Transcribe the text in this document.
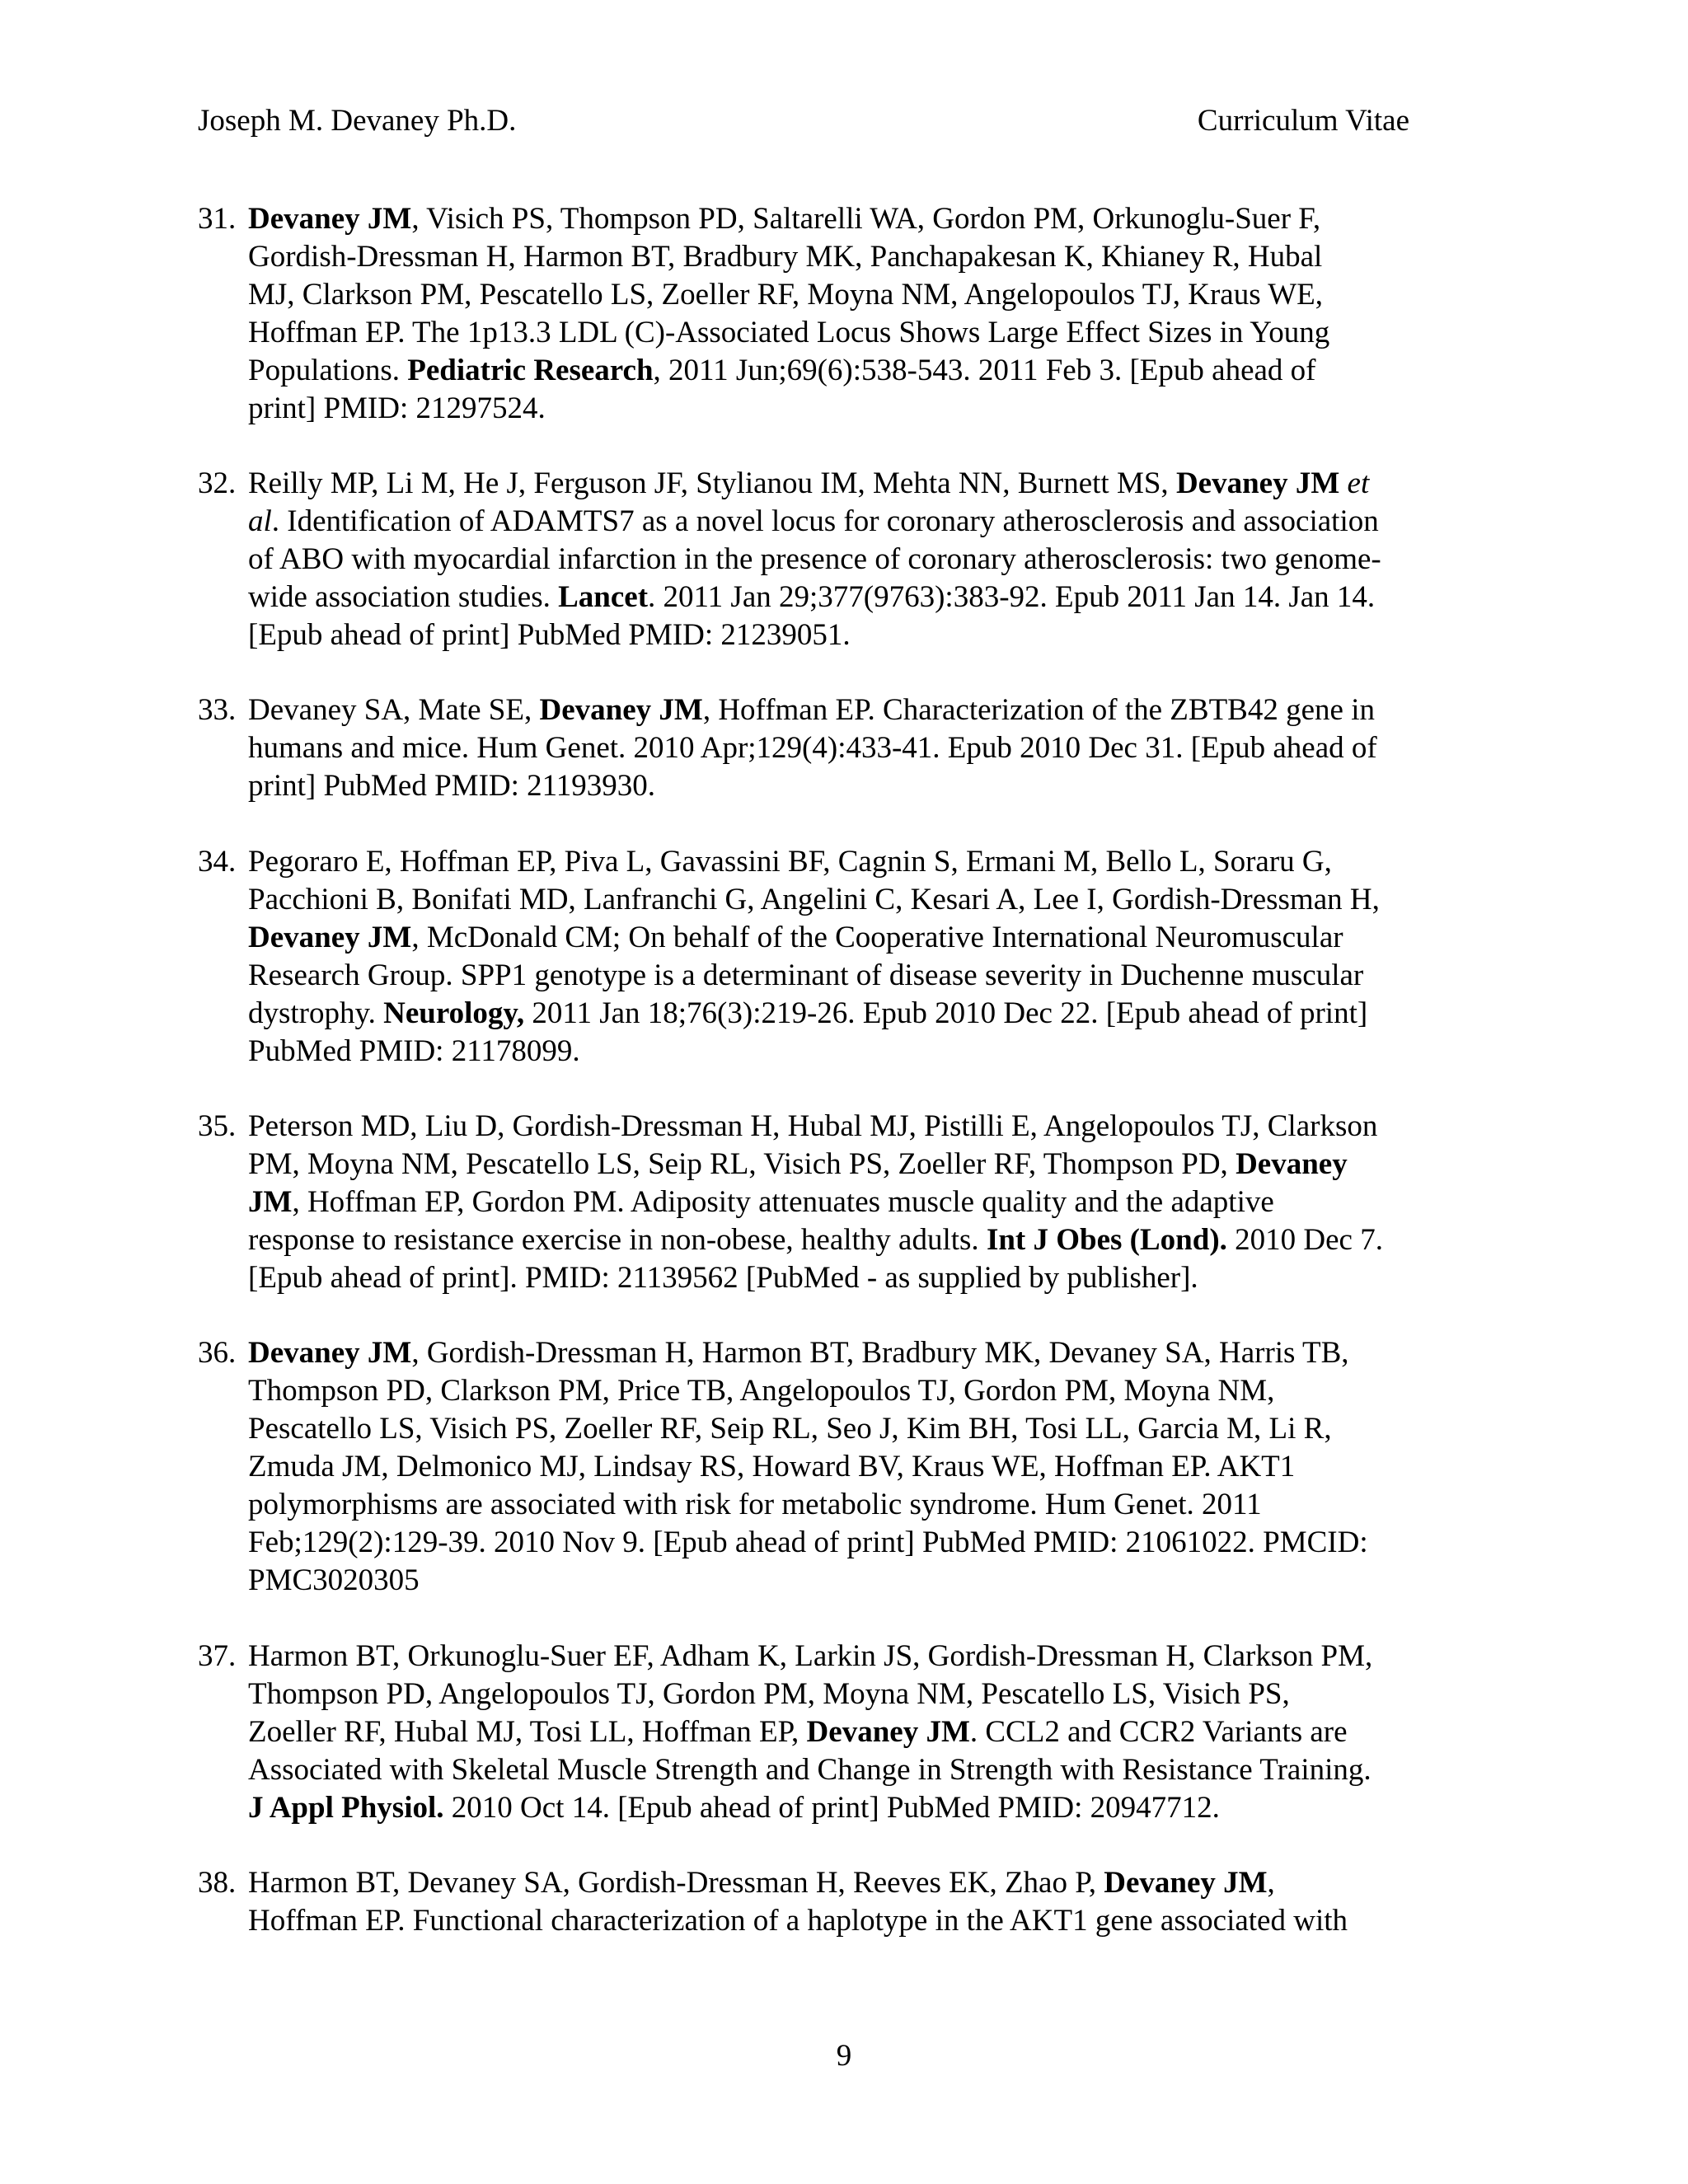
Joseph M. Devaney Ph.D.	Curriculum Vitae
31. Devaney JM, Visich PS, Thompson PD, Saltarelli WA, Gordon PM, Orkunoglu-Suer F,
Gordish-Dressman H, Harmon BT, Bradbury MK, Panchapakesan K, Khianey R, Hubal
MJ, Clarkson PM, Pescatello LS, Zoeller RF, Moyna NM, Angelopoulos TJ, Kraus WE,
Hoffman EP. The 1p13.3 LDL (C)-Associated Locus Shows Large Effect Sizes in Young
Populations. Pediatric Research, 2011 Jun;69(6):538-543. 2011 Feb 3. [Epub ahead of
print] PMID: 21297524.
32. Reilly MP, Li M, He J, Ferguson JF, Stylianou IM, Mehta NN, Burnett MS, Devaney JM et
al. Identification of ADAMTS7 as a novel locus for coronary atherosclerosis and association
of ABO with myocardial infarction in the presence of coronary atherosclerosis: two genome-
wide association studies. Lancet. 2011 Jan 29;377(9763):383-92. Epub 2011 Jan 14. Jan 14.
[Epub ahead of print] PubMed PMID: 21239051.
33. Devaney SA, Mate SE, Devaney JM, Hoffman EP. Characterization of the ZBTB42 gene in
humans and mice. Hum Genet. 2010 Apr;129(4):433-41. Epub 2010 Dec 31. [Epub ahead of
print] PubMed PMID: 21193930.
34. Pegoraro E, Hoffman EP, Piva L, Gavassini BF, Cagnin S, Ermani M, Bello L, Soraru G,
Pacchioni B, Bonifati MD, Lanfranchi G, Angelini C, Kesari A, Lee I, Gordish-Dressman H,
Devaney JM, McDonald CM; On behalf of the Cooperative International Neuromuscular
Research Group. SPP1 genotype is a determinant of disease severity in Duchenne muscular
dystrophy. Neurology, 2011 Jan 18;76(3):219-26. Epub 2010 Dec 22. [Epub ahead of print]
PubMed PMID: 21178099.
35. Peterson MD, Liu D, Gordish-Dressman H, Hubal MJ, Pistilli E, Angelopoulos TJ, Clarkson
PM, Moyna NM, Pescatello LS, Seip RL, Visich PS, Zoeller RF, Thompson PD, Devaney
JM, Hoffman EP, Gordon PM. Adiposity attenuates muscle quality and the adaptive
response to resistance exercise in non-obese, healthy adults. Int J Obes (Lond). 2010 Dec 7.
[Epub ahead of print]. PMID: 21139562 [PubMed - as supplied by publisher].
36. Devaney JM, Gordish-Dressman H, Harmon BT, Bradbury MK, Devaney SA, Harris TB,
Thompson PD, Clarkson PM, Price TB, Angelopoulos TJ, Gordon PM, Moyna NM,
Pescatello LS, Visich PS, Zoeller RF, Seip RL, Seo J, Kim BH, Tosi LL, Garcia M, Li R,
Zmuda JM, Delmonico MJ, Lindsay RS, Howard BV, Kraus WE, Hoffman EP. AKT1
polymorphisms are associated with risk for metabolic syndrome. Hum Genet. 2011
Feb;129(2):129-39. 2010 Nov 9. [Epub ahead of print] PubMed PMID: 21061022. PMCID:
PMC3020305
37. Harmon BT, Orkunoglu-Suer EF, Adham K, Larkin JS, Gordish-Dressman H, Clarkson PM,
Thompson PD, Angelopoulos TJ, Gordon PM, Moyna NM, Pescatello LS, Visich PS,
Zoeller RF, Hubal MJ, Tosi LL, Hoffman EP, Devaney JM. CCL2 and CCR2 Variants are
Associated with Skeletal Muscle Strength and Change in Strength with Resistance Training.
J Appl Physiol. 2010 Oct 14. [Epub ahead of print] PubMed PMID: 20947712.
38. Harmon BT, Devaney SA, Gordish-Dressman H, Reeves EK, Zhao P, Devaney JM,
Hoffman EP. Functional characterization of a haplotype in the AKT1 gene associated with
9
